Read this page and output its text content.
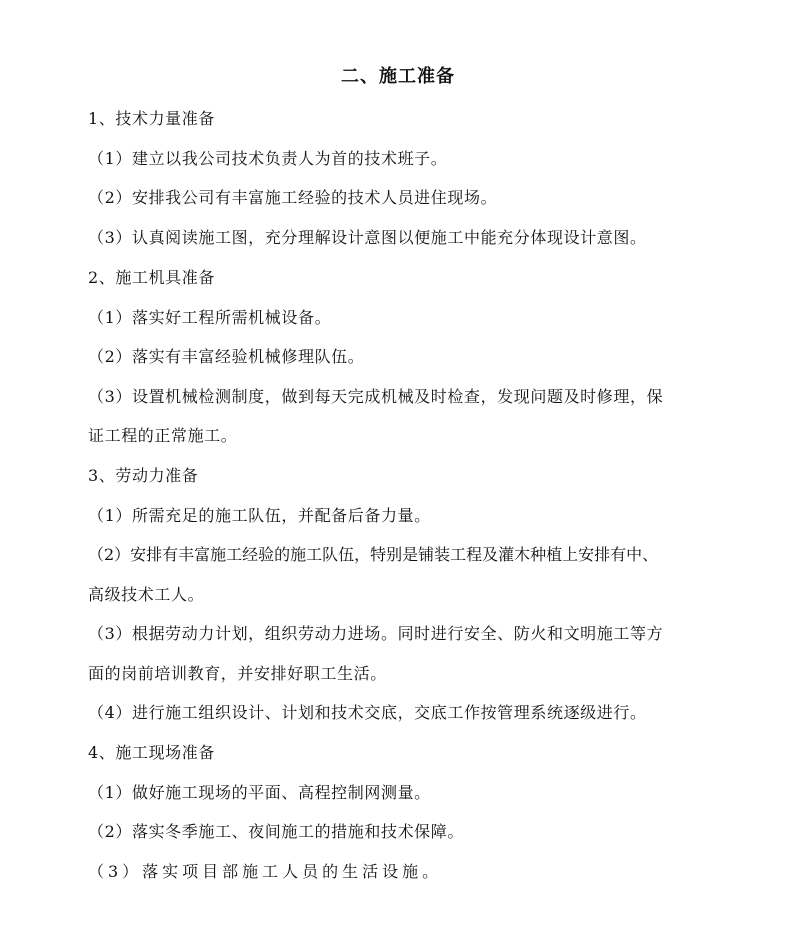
二、施工准备
1、技术力量准备
（1）建立以我公司技术负责人为首的技术班子。
（2）安排我公司有丰富施工经验的技术人员进住现场。
（3）认真阅读施工图，充分理解设计意图以便施工中能充分体现设计意图。
2、施工机具准备
（1）落实好工程所需机械设备。
（2）落实有丰富经验机械修理队伍。
（3）设置机械检测制度，做到每天完成机械及时检查，发现问题及时修理，保
证工程的正常施工。
3、劳动力准备
（1）所需充足的施工队伍，并配备后备力量。
（2）安排有丰富施工经验的施工队伍，特别是铺装工程及灌木种植上安排有中、
高级技术工人。
（3）根据劳动力计划，组织劳动力进场。同时进行安全、防火和文明施工等方
面的岗前培训教育，并安排好职工生活。
（4）进行施工组织设计、计划和技术交底，交底工作按管理系统逐级进行。
4、施工现场准备
（1）做好施工现场的平面、高程控制网测量。
（2）落实冬季施工、夜间施工的措施和技术保障。
（3）落实项目部施工人员的生活设施。
